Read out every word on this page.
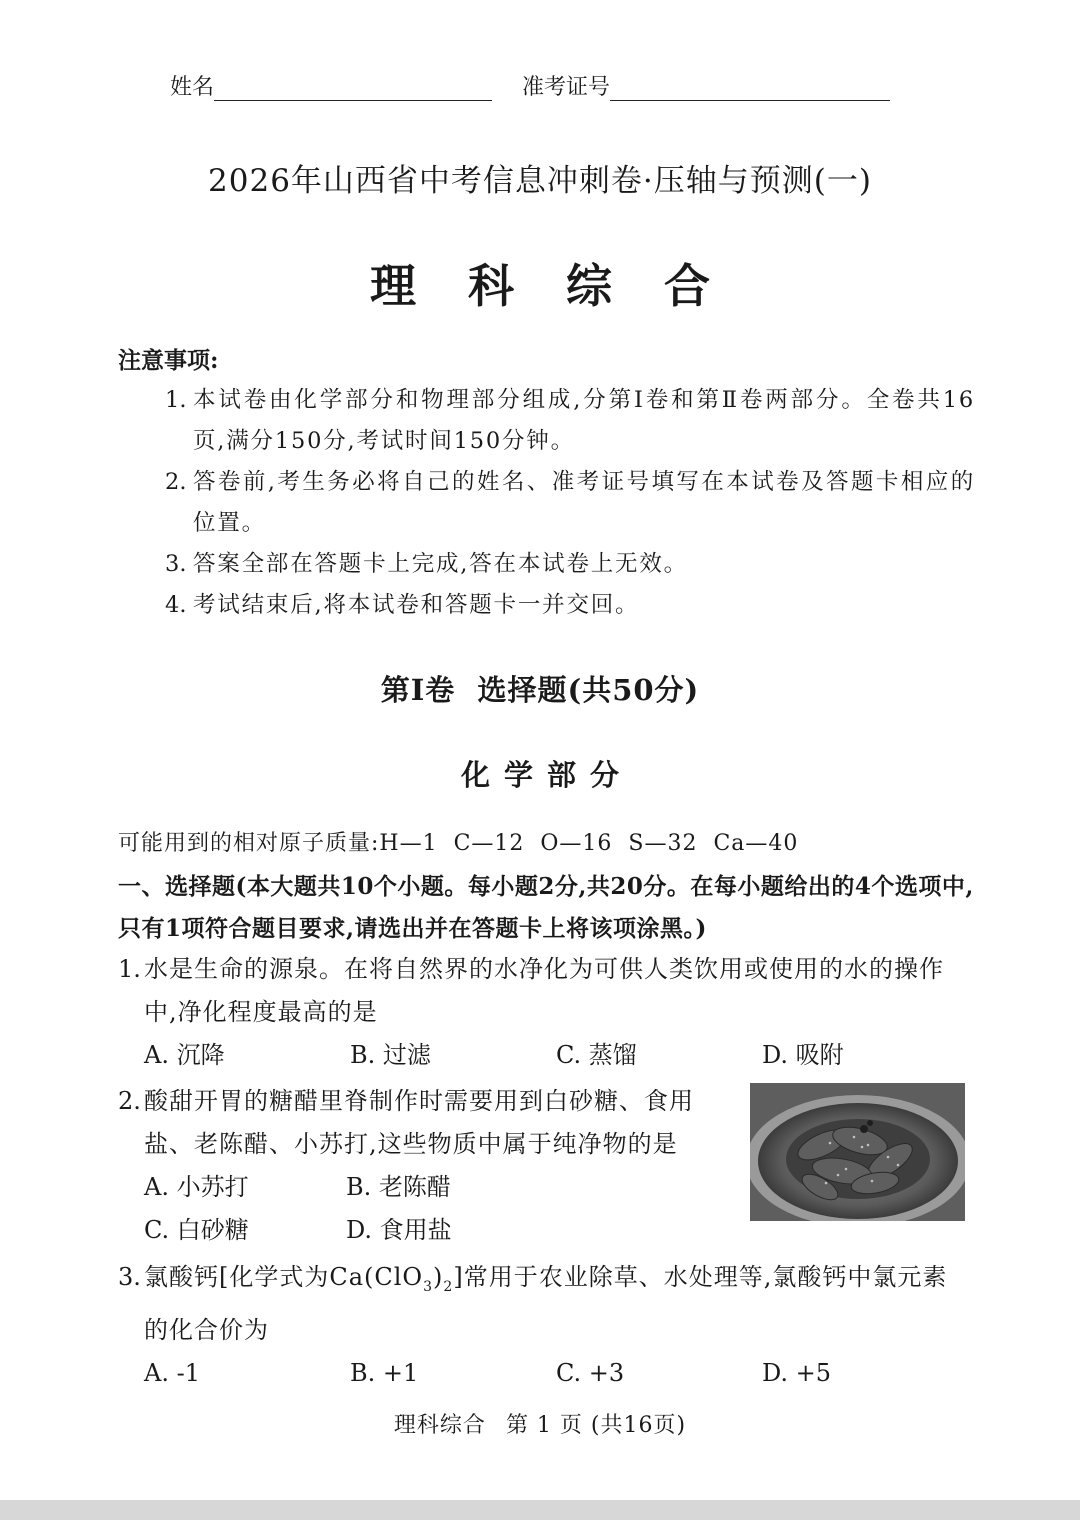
姓名	准考证号
2026年山西省中考信息冲刺卷·压轴与预测(一)
理科综合
注意事项:
1. 本试卷由化学部分和物理部分组成,分第Ⅰ卷和第Ⅱ卷两部分。全卷共16页,满分150分,考试时间150分钟。
2. 答卷前,考生务必将自己的姓名、准考证号填写在本试卷及答题卡相应的位置。
3. 答案全部在答题卡上完成,答在本试卷上无效。
4. 考试结束后,将本试卷和答题卡一并交回。
第Ⅰ卷  选择题(共50分)
化学部分
可能用到的相对原子质量:H—1  C—12  O—16  S—32  Ca—40
一、选择题(本大题共10个小题。每小题2分,共20分。在每小题给出的4个选项中,只有1项符合题目要求,请选出并在答题卡上将该项涂黑。)
1. 水是生命的源泉。在将自然界的水净化为可供人类饮用或使用的水的操作中,净化程度最高的是
A. 沉降	B. 过滤	C. 蒸馏	D. 吸附
2. 酸甜开胃的糖醋里脊制作时需要用到白砂糖、食用盐、老陈醋、小苏打,这些物质中属于纯净物的是
A. 小苏打	B. 老陈醋
C. 白砂糖	D. 食用盐
3. 氯酸钙[化学式为$Ca(ClO_3)_2$]常用于农业除草、水处理等,氯酸钙中氯元素的化合价为
A. -1	B. +1	C. +3	D. +5
理科综合 第 1 页 (共16页)
